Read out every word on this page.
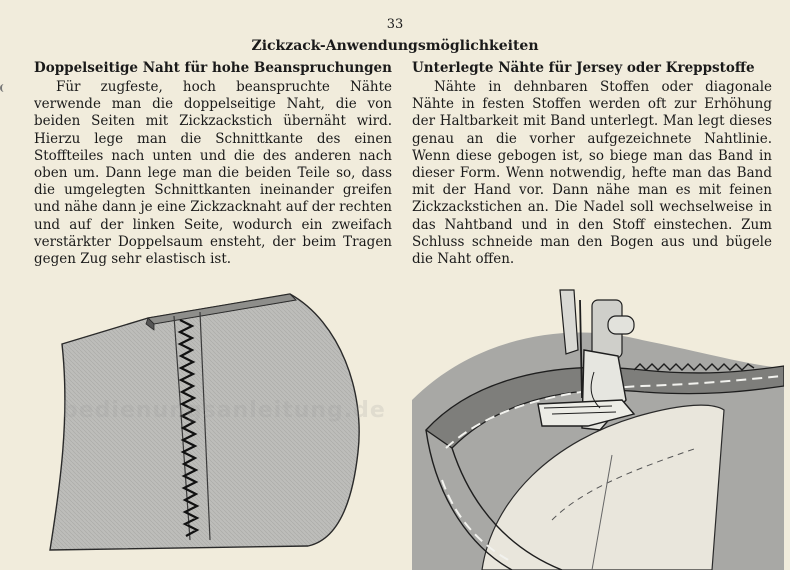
33
Zickzack-Anwendungsmöglichkeiten
Doppelseitige Naht für hohe Beanspruchungen

Für zugfeste, hoch beanspruchte Nähte verwende man die doppelseitige Naht, die von beiden Seiten mit Zickzackstich übernäht wird. Hierzu lege man die Schnittkante des einen Stoffteiles nach unten und die des anderen nach oben um. Dann lege man die beiden Teile so, dass die umgelegten Schnittkanten ineinander greifen und nähe dann je eine Zickzacknaht auf der rechten und auf der linken Seite, wodurch ein zweifach verstärkter Doppelsaum ensteht, der beim Tragen gegen Zug sehr elastisch ist.

Unterlegte Nähte für Jersey oder Kreppstoffe

Nähte in dehnbaren Stoffen oder diagonale Nähte in festen Stoffen werden oft zur Erhöhung der Haltbarkeit mit Band unterlegt. Man legt dieses genau an die vorher aufgezeichnete Nahtlinie. Wenn diese gebogen ist, so biege man das Band in dieser Form. Wenn notwendig, hefte man das Band mit der Hand vor. Dann nähe man es mit feinen Zickzackstichen an. Die Nadel soll wechselweise in das Nahtband und in den Stoff einstechen. Zum Schluss schneide man den Bogen aus und bügele die Naht offen.

bedienungsanleitung.de
